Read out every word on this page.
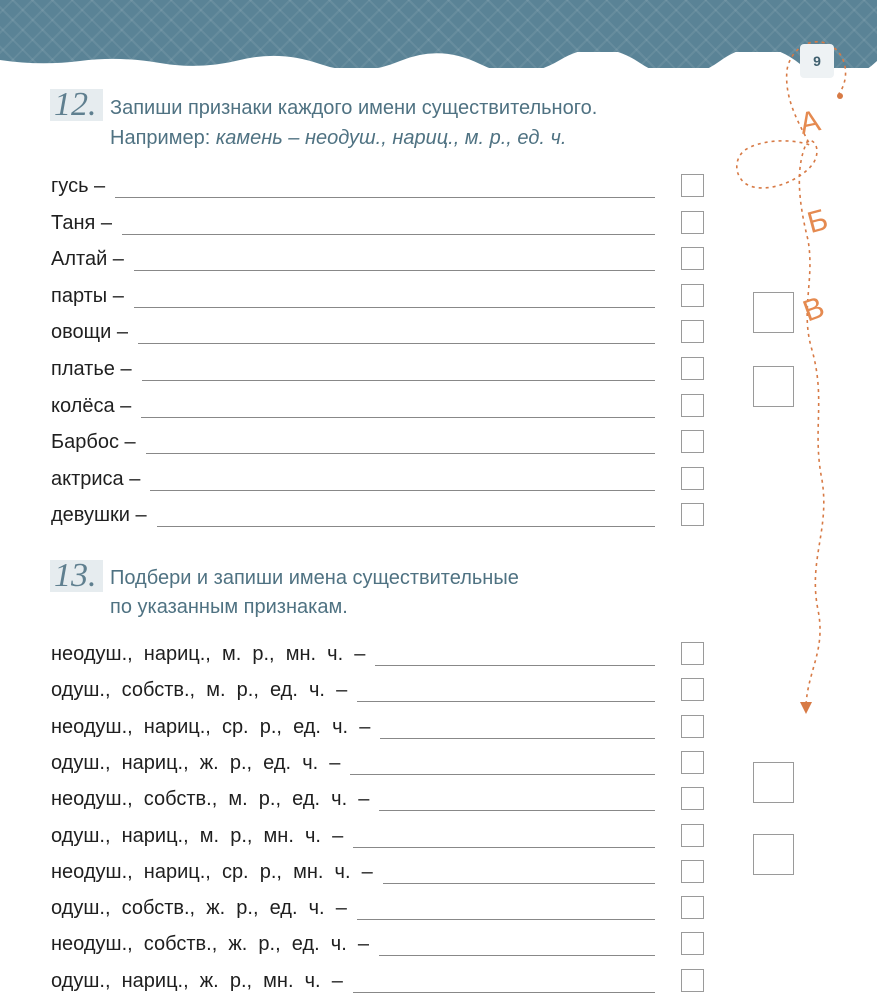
9
А
Б
В
12. Запиши признаки каждого имени существительного.
Например: камень – неодуш., нариц., м. р., ед. ч.
гусь –
Таня –
Алтай –
парты –
овощи –
платье –
колёса –
Барбос –
актриса –
девушки –
13. Подбери и запиши имена существительные
по указанным признакам.
неодуш.,  нариц.,  м.  р.,  мн.  ч.  –
одуш.,  собств.,  м.  р.,  ед.  ч.  –
неодуш.,  нариц.,  ср.  р.,  ед.  ч.  –
одуш.,  нариц.,  ж.  р.,  ед.  ч.  –
неодуш.,  собств.,  м.  р.,  ед.  ч.  –
одуш.,  нариц.,  м.  р.,  мн.  ч.  –
неодуш.,  нариц.,  ср.  р.,  мн.  ч.  –
одуш.,  собств.,  ж.  р.,  ед.  ч.  –
неодуш.,  собств.,  ж.  р.,  ед.  ч.  –
одуш.,  нариц.,  ж.  р.,  мн.  ч.  –
